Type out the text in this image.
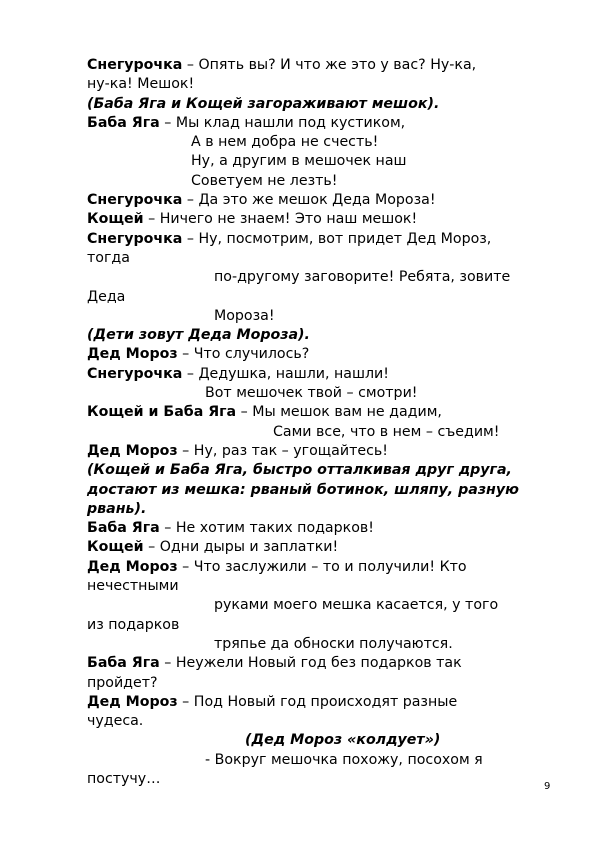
Снегурочка – Опять вы? И что же это у вас? Ну-ка,
ну-ка! Мешок!
(Баба Яга и Кощей загораживают мешок).
Баба Яга – Мы клад нашли под кустиком,
А в нем добра не счесть!
Ну, а другим в мешочек наш
Советуем не лезть!
Снегурочка – Да это же мешок Деда Мороза!
Кощей – Ничего не знаем! Это наш мешок!
Снегурочка – Ну, посмотрим, вот придет Дед Мороз,
тогда
по-другому заговорите! Ребята, зовите
Деда
Мороза!
(Дети зовут Деда Мороза).
Дед Мороз – Что случилось?
Снегурочка – Дедушка, нашли, нашли!
Вот мешочек твой – смотри!
Кощей и Баба Яга – Мы мешок вам не дадим,
Сами все, что в нем – съедим!
Дед Мороз – Ну, раз так – угощайтесь!
(Кощей и Баба Яга, быстро отталкивая друг друга,
достают из мешка: рваный ботинок, шляпу, разную
рвань).
Баба Яга – Не хотим таких подарков!
Кощей – Одни дыры и заплатки!
Дед Мороз – Что заслужили – то и получили! Кто
нечестными
руками моего мешка касается, у того
из подарков
тряпье да обноски получаются.
Баба Яга – Неужели Новый год без подарков так
пройдет?
Дед Мороз – Под Новый год происходят разные
чудеса.
(Дед Мороз «колдует»)
- Вокруг мешочка похожу, посохом я
постучу…	9
